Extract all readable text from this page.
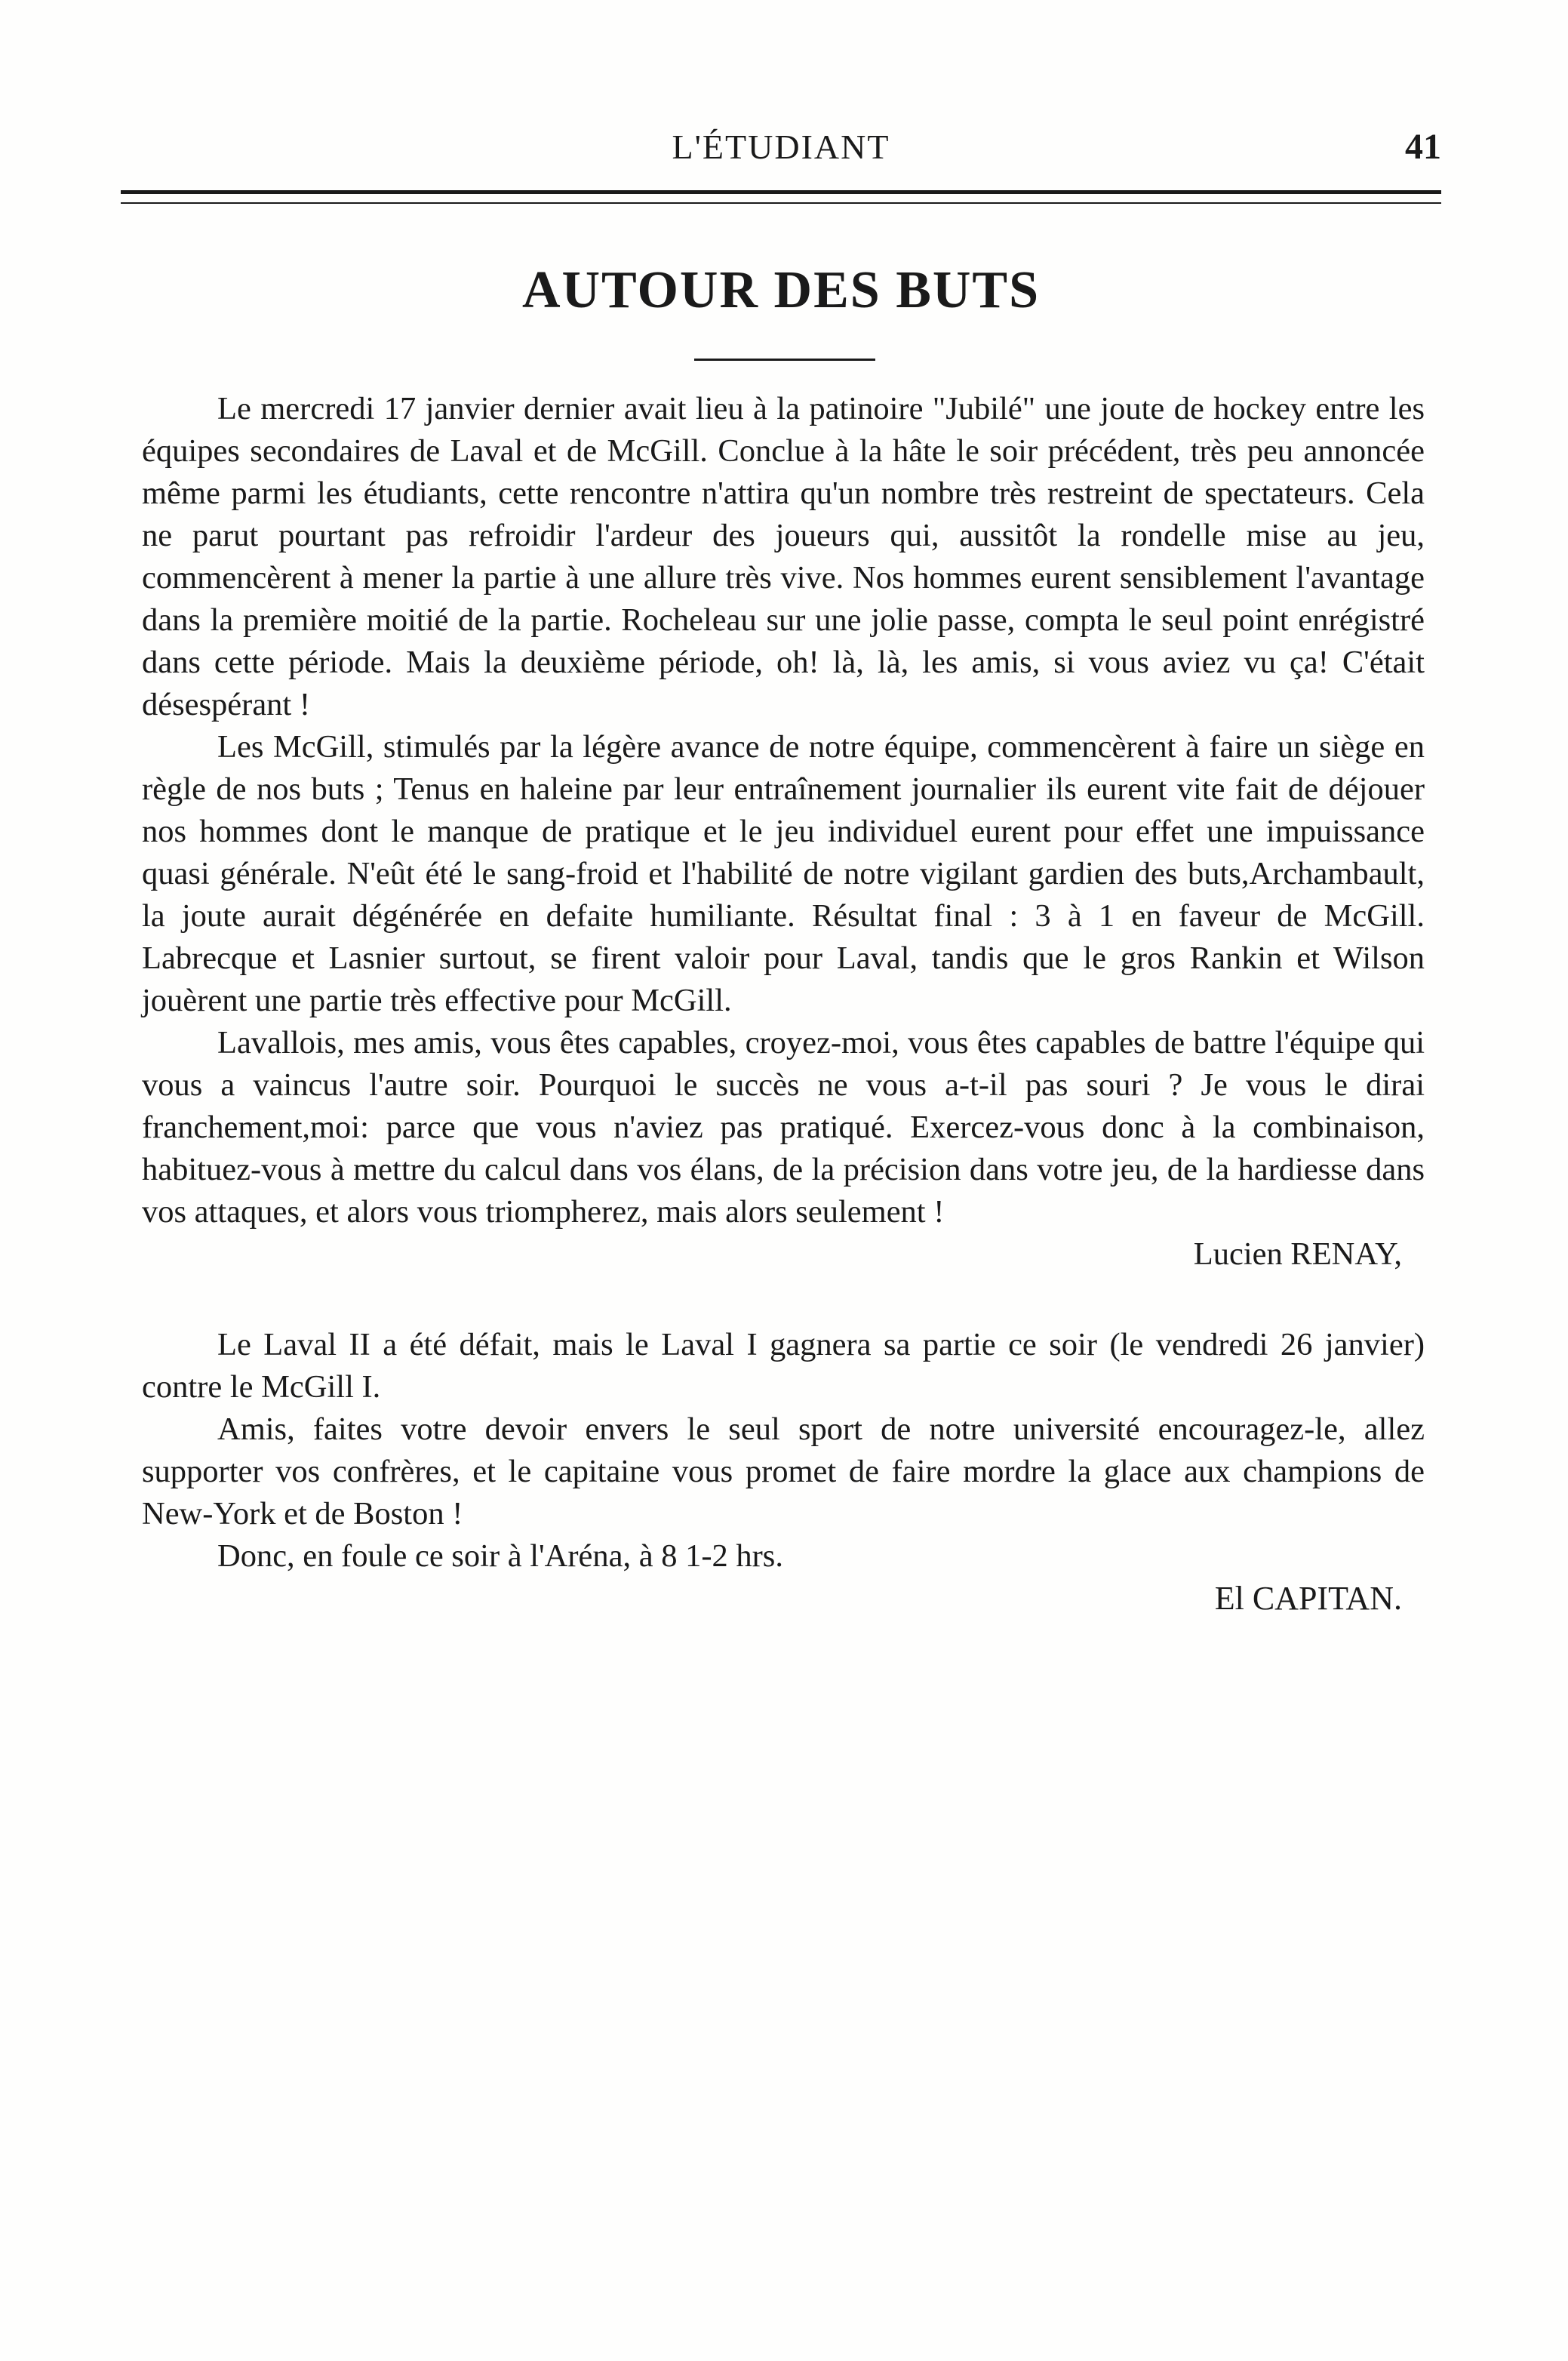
L'ÉTUDIANT	41
AUTOUR DES BUTS

Le mercredi 17 janvier dernier avait lieu à la patinoire "Jubilé" une joute de hockey entre les équipes secondaires de Laval et de McGill. Conclue à la hâte le soir précédent, très peu annoncée même parmi les étudiants, cette rencontre n'attira qu'un nombre très restreint de spectateurs. Cela ne parut pourtant pas refroidir l'ardeur des joueurs qui, aussitôt la rondelle mise au jeu, commencèrent à mener la partie à une allure très vive. Nos hommes eurent sensiblement l'avantage dans la première moitié de la partie. Rocheleau sur une jolie passe, compta le seul point enrégistré dans cette période. Mais la deuxième période, oh! là, là, les amis, si vous aviez vu ça! C'était désespérant !

Les McGill, stimulés par la légère avance de notre équipe, commencèrent à faire un siège en règle de nos buts ; Tenus en haleine par leur entraînement journalier ils eurent vite fait de déjouer nos hommes dont le manque de pratique et le jeu individuel eurent pour effet une impuissance quasi générale. N'eût été le sang-froid et l'habilité de notre vigilant gardien des buts,Archambault, la joute aurait dégénérée en defaite humiliante. Résultat final : 3 à 1 en faveur de McGill. Labrecque et Lasnier surtout, se firent valoir pour Laval, tandis que le gros Rankin et Wilson jouèrent une partie très effective pour McGill.

Lavallois, mes amis, vous êtes capables, croyez-moi, vous êtes capables de battre l'équipe qui vous a vaincus l'autre soir. Pourquoi le succès ne vous a-t-il pas souri ? Je vous le dirai franchement,moi: parce que vous n'aviez pas pratiqué. Exercez-vous donc à la combinaison, habituez-vous à mettre du calcul dans vos élans, de la précision dans votre jeu, de la hardiesse dans vos attaques, et alors vous triompherez, mais alors seulement !

Lucien RENAY,

Le Laval II a été défait, mais le Laval I gagnera sa partie ce soir (le vendredi 26 janvier) contre le McGill I.

Amis, faites votre devoir envers le seul sport de notre université encouragez-le, allez supporter vos confrères, et le capitaine vous promet de faire mordre la glace aux champions de New-York et de Boston !

Donc, en foule ce soir à l'Aréna, à 8 1-2 hrs.

El CAPITAN.
